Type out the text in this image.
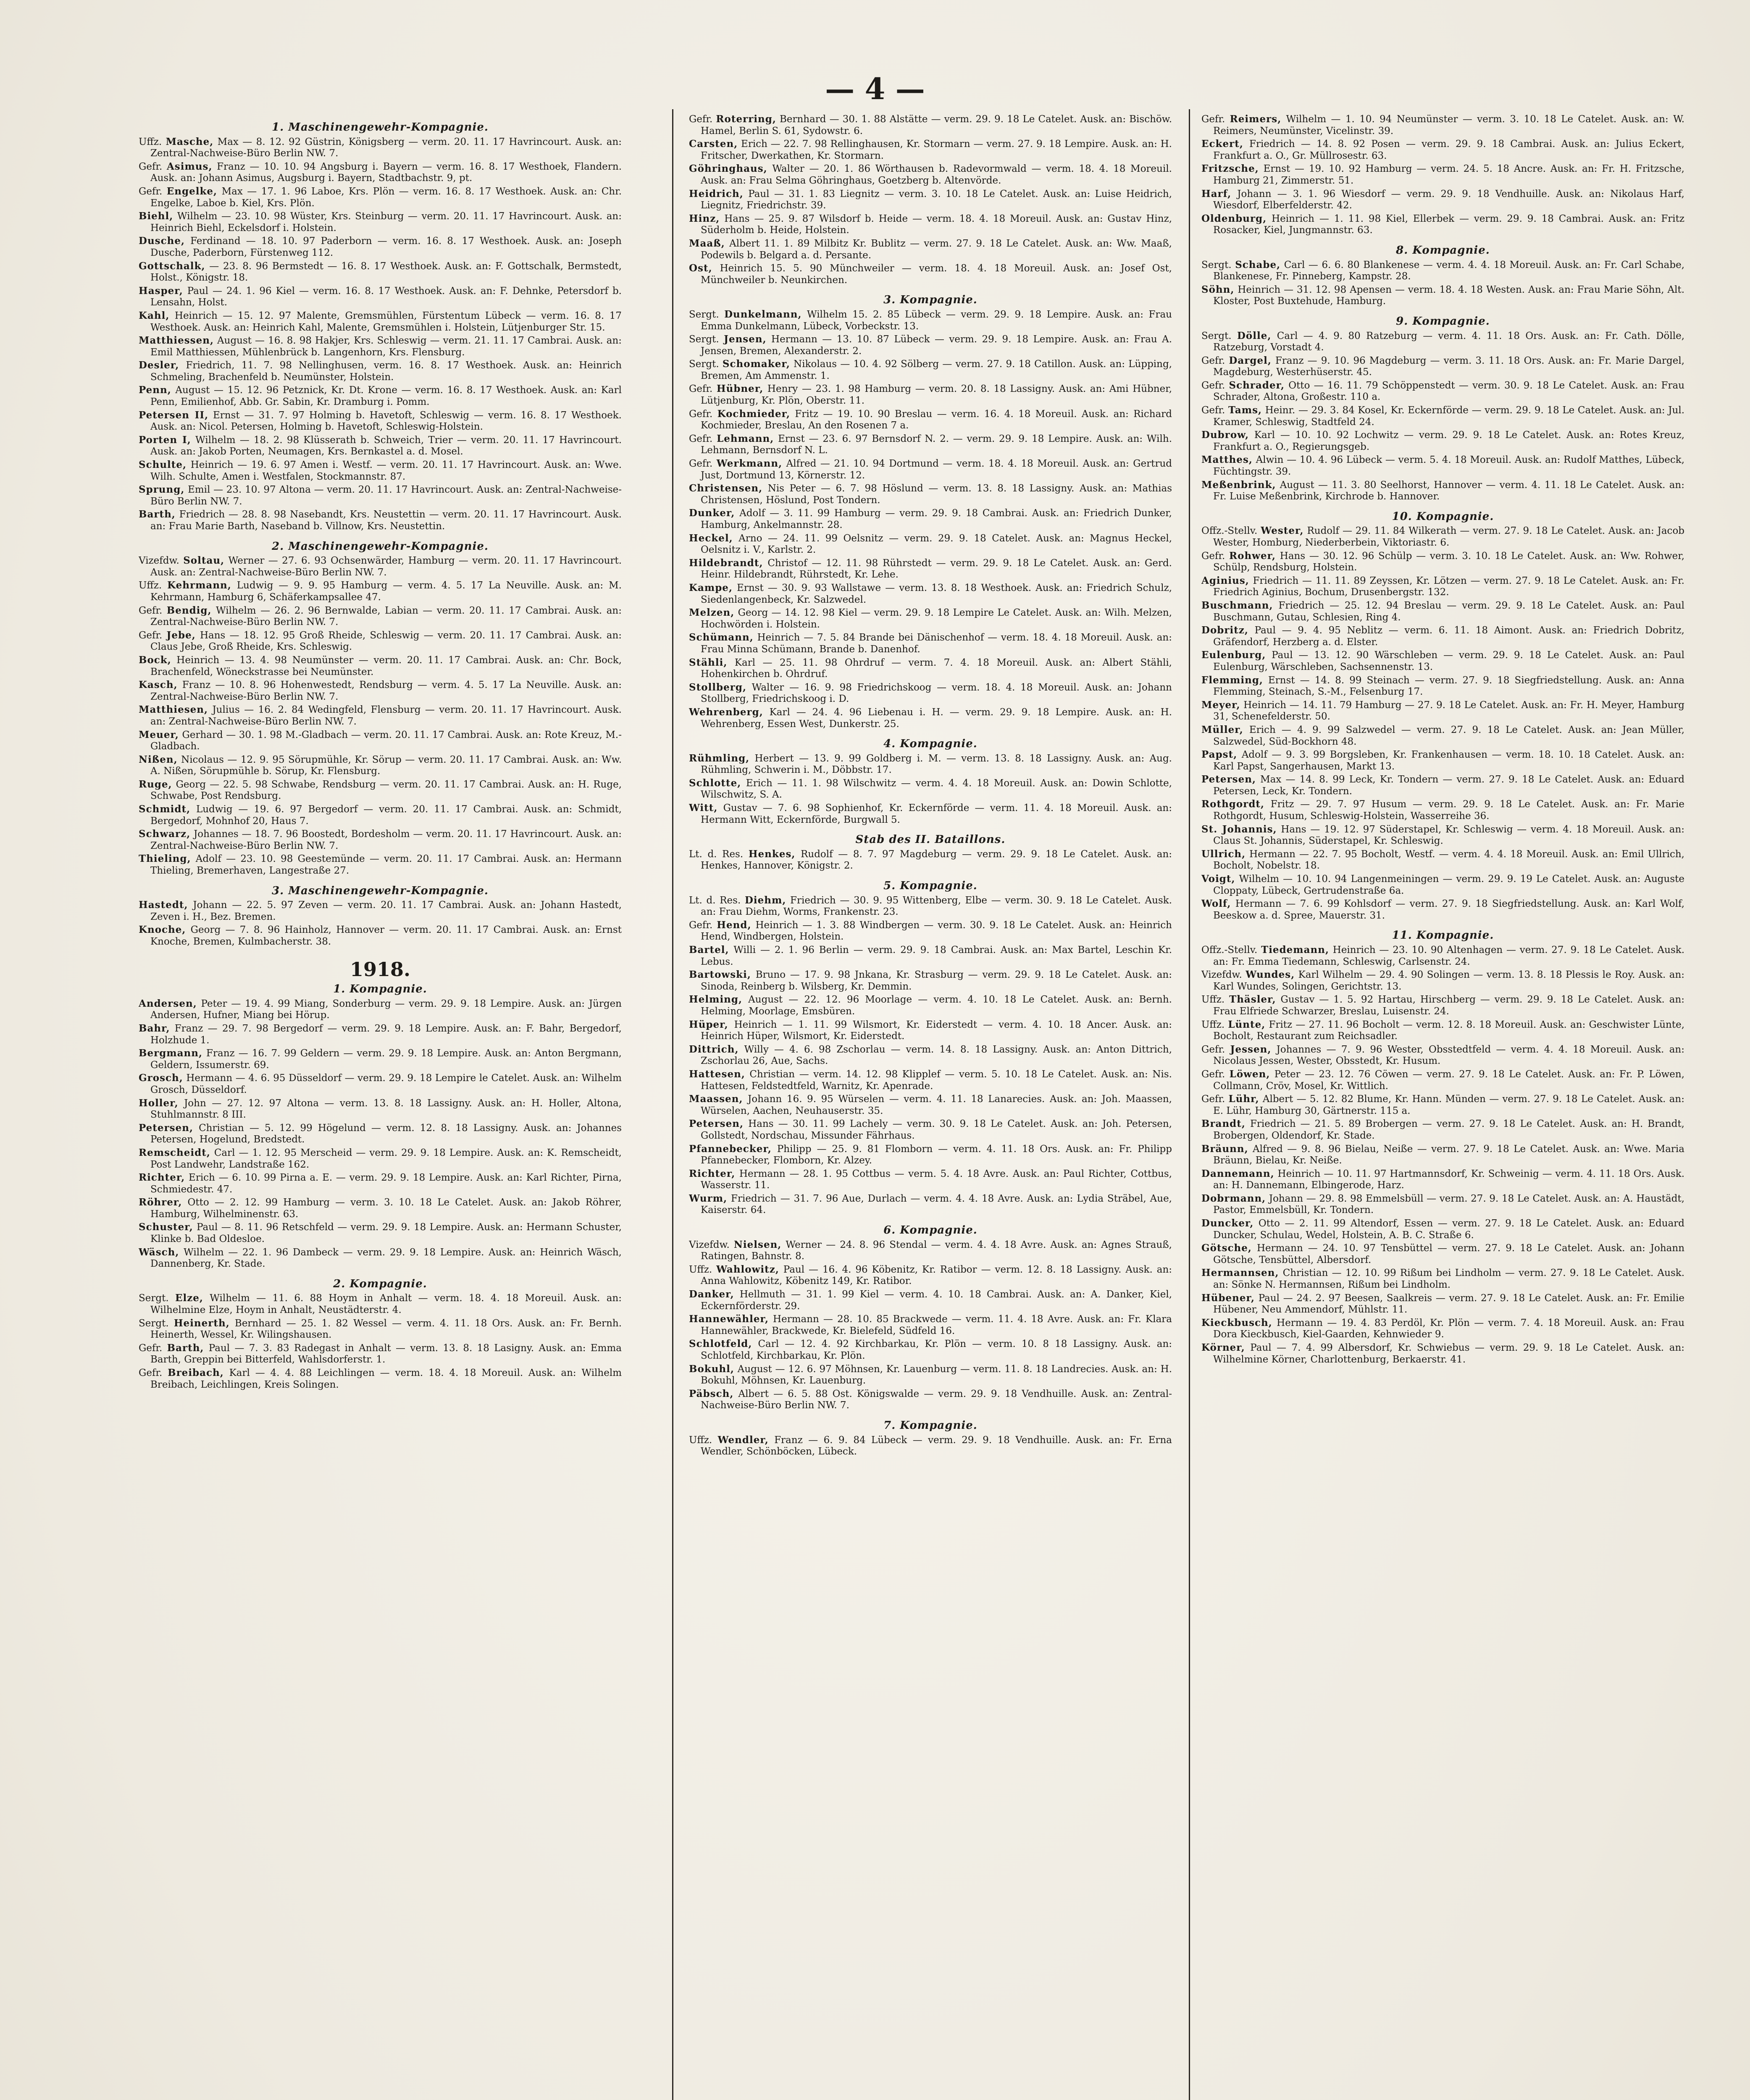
— 4 —
1. Maschinengewehr-Kompagnie.

Uffz. Masche, Max — 8. 12. 92 Güstrin, Königsberg — verm. 20. 11. 17 Havrincourt. Ausk. an: Zentral-Nachweise-Büro Berlin NW. 7.

Gefr. Asimus, Franz — 10. 10. 94 Angsburg i. Bayern — verm. 16. 8. 17 Westhoek, Flandern. Ausk. an: Johann Asimus, Augsburg i. Bayern, Stadtbachstr. 9, pt.

Gefr. Engelke, Max — 17. 1. 96 Laboe, Krs. Plön — verm. 16. 8. 17 Westhoek. Ausk. an: Chr. Engelke, Laboe b. Kiel, Krs. Plön.

Biehl, Wilhelm — 23. 10. 98 Wüster, Krs. Steinburg — verm. 20. 11. 17 Havrincourt. Ausk. an: Heinrich Biehl, Eckelsdorf i. Holstein.

Dusche, Ferdinand — 18. 10. 97 Paderborn — verm. 16. 8. 17 Westhoek. Ausk. an: Joseph Dusche, Paderborn, Fürstenweg 112.

Gottschalk, — 23. 8. 96 Bermstedt — 16. 8. 17 Westhoek. Ausk. an: F. Gottschalk, Bermstedt, Holst., Königstr. 18.

Hasper, Paul — 24. 1. 96 Kiel — verm. 16. 8. 17 Westhoek. Ausk. an: F. Dehnke, Petersdorf b. Lensahn, Holst.

Kahl, Heinrich — 15. 12. 97 Malente, Gremsmühlen, Fürstentum Lübeck — verm. 16. 8. 17 Westhoek. Ausk. an: Heinrich Kahl, Malente, Gremsmühlen i. Holstein, Lütjenburger Str. 15.

Matthiessen, August — 16. 8. 98 Hakjer, Krs. Schleswig — verm. 21. 11. 17 Cambrai. Ausk. an: Emil Matthiessen, Mühlenbrück b. Langenhorn, Krs. Flensburg.

Desler, Friedrich, 11. 7. 98 Nellinghusen, verm. 16. 8. 17 Westhoek. Ausk. an: Heinrich Schmeling, Brachenfeld b. Neumünster, Holstein.

Penn, August — 15. 12. 96 Petznick, Kr. Dt. Krone — verm. 16. 8. 17 Westhoek. Ausk. an: Karl Penn, Emilienhof, Abb. Gr. Sabin, Kr. Dramburg i. Pomm.

Petersen II, Ernst — 31. 7. 97 Holming b. Havetoft, Schleswig — verm. 16. 8. 17 Westhoek. Ausk. an: Nicol. Petersen, Holming b. Havetoft, Schleswig-Holstein.

Porten I, Wilhelm — 18. 2. 98 Klüsserath b. Schweich, Trier — verm. 20. 11. 17 Havrincourt. Ausk. an: Jakob Porten, Neumagen, Krs. Bernkastel a. d. Mosel.

Schulte, Heinrich — 19. 6. 97 Amen i. Westf. — verm. 20. 11. 17 Havrincourt. Ausk. an: Wwe. Wilh. Schulte, Amen i. Westfalen, Stockmannstr. 87.

Sprung, Emil — 23. 10. 97 Altona — verm. 20. 11. 17 Havrincourt. Ausk. an: Zentral-Nachweise-Büro Berlin NW. 7.

Barth, Friedrich — 28. 8. 98 Nasebandt, Krs. Neustettin — verm. 20. 11. 17 Havrincourt. Ausk. an: Frau Marie Barth, Naseband b. Villnow, Krs. Neustettin.

2. Maschinengewehr-Kompagnie.

Vizefdw. Soltau, Werner — 27. 6. 93 Ochsenwärder, Hamburg — verm. 20. 11. 17 Havrincourt. Ausk. an: Zentral-Nachweise-Büro Berlin NW. 7.

Uffz. Kehrmann, Ludwig — 9. 9. 95 Hamburg — verm. 4. 5. 17 La Neuville. Ausk. an: M. Kehrmann, Hamburg 6, Schäferkampsallee 47.

Gefr. Bendig, Wilhelm — 26. 2. 96 Bernwalde, Labian — verm. 20. 11. 17 Cambrai. Ausk. an: Zentral-Nachweise-Büro Berlin NW. 7.

Gefr. Jebe, Hans — 18. 12. 95 Groß Rheide, Schleswig — verm. 20. 11. 17 Cambrai. Ausk. an: Claus Jebe, Groß Rheide, Krs. Schleswig.

Bock, Heinrich — 13. 4. 98 Neumünster — verm. 20. 11. 17 Cambrai. Ausk. an: Chr. Bock, Brachenfeld, Wöneckstrasse bei Neumünster.

Kasch, Franz — 10. 8. 96 Hohenwestedt, Rendsburg — verm. 4. 5. 17 La Neuville. Ausk. an: Zentral-Nachweise-Büro Berlin NW. 7.

Matthiesen, Julius — 16. 2. 84 Wedingfeld, Flensburg — verm. 20. 11. 17 Havrincourt. Ausk. an: Zentral-Nachweise-Büro Berlin NW. 7.

Meuer, Gerhard — 30. 1. 98 M.-Gladbach — verm. 20. 11. 17 Cambrai. Ausk. an: Rote Kreuz, M.-Gladbach.

Nißen, Nicolaus — 12. 9. 95 Sörupmühle, Kr. Sörup — verm. 20. 11. 17 Cambrai. Ausk. an: Ww. A. Nißen, Sörupmühle b. Sörup, Kr. Flensburg.

Ruge, Georg — 22. 5. 98 Schwabe, Rendsburg — verm. 20. 11. 17 Cambrai. Ausk. an: H. Ruge, Schwabe, Post Rendsburg.

Schmidt, Ludwig — 19. 6. 97 Bergedorf — verm. 20. 11. 17 Cambrai. Ausk. an: Schmidt, Bergedorf, Mohnhof 20, Haus 7.

Schwarz, Johannes — 18. 7. 96 Boostedt, Bordesholm — verm. 20. 11. 17 Havrincourt. Ausk. an: Zentral-Nachweise-Büro Berlin NW. 7.

Thieling, Adolf — 23. 10. 98 Geestemünde — verm. 20. 11. 17 Cambrai. Ausk. an: Hermann Thieling, Bremerhaven, Langestraße 27.

3. Maschinengewehr-Kompagnie.

Hastedt, Johann — 22. 5. 97 Zeven — verm. 20. 11. 17 Cambrai. Ausk. an: Johann Hastedt, Zeven i. H., Bez. Bremen.

Knoche, Georg — 7. 8. 96 Hainholz, Hannover — verm. 20. 11. 17 Cambrai. Ausk. an: Ernst Knoche, Bremen, Kulmbacherstr. 38.

1918.
1. Kompagnie.

Andersen, Peter — 19. 4. 99 Miang, Sonderburg — verm. 29. 9. 18 Lempire. Ausk. an: Jürgen Andersen, Hufner, Miang bei Hörup.

Bahr, Franz — 29. 7. 98 Bergedorf — verm. 29. 9. 18 Lempire. Ausk. an: F. Bahr, Bergedorf, Holzhude 1.

Bergmann, Franz — 16. 7. 99 Geldern — verm. 29. 9. 18 Lempire. Ausk. an: Anton Bergmann, Geldern, Issumerstr. 69.

Grosch, Hermann — 4. 6. 95 Düsseldorf — verm. 29. 9. 18 Lempire le Catelet. Ausk. an: Wilhelm Grosch, Düsseldorf.

Holler, John — 27. 12. 97 Altona — verm. 13. 8. 18 Lassigny. Ausk. an: H. Holler, Altona, Stuhlmannstr. 8 III.

Petersen, Christian — 5. 12. 99 Högelund — verm. 12. 8. 18 Lassigny. Ausk. an: Johannes Petersen, Hogelund, Bredstedt.

Remscheidt, Carl — 1. 12. 95 Merscheid — verm. 29. 9. 18 Lempire. Ausk. an: K. Remscheidt, Post Landwehr, Landstraße 162.

Richter, Erich — 6. 10. 99 Pirna a. E. — verm. 29. 9. 18 Lempire. Ausk. an: Karl Richter, Pirna, Schmiedestr. 47.

Röhrer, Otto — 2. 12. 99 Hamburg — verm. 3. 10. 18 Le Catelet. Ausk. an: Jakob Röhrer, Hamburg, Wilhelminenstr. 63.

Schuster, Paul — 8. 11. 96 Retschfeld — verm. 29. 9. 18 Lempire. Ausk. an: Hermann Schuster, Klinke b. Bad Oldesloe.

Wäsch, Wilhelm — 22. 1. 96 Dambeck — verm. 29. 9. 18 Lempire. Ausk. an: Heinrich Wäsch, Dannenberg, Kr. Stade.

2. Kompagnie.

Sergt. Elze, Wilhelm — 11. 6. 88 Hoym in Anhalt — verm. 18. 4. 18 Moreuil. Ausk. an: Wilhelmine Elze, Hoym in Anhalt, Neustädterstr. 4.

Sergt. Heinerth, Bernhard — 25. 1. 82 Wessel — verm. 4. 11. 18 Ors. Ausk. an: Fr. Bernh. Heinerth, Wessel, Kr. Wilingshausen.

Gefr. Barth, Paul — 7. 3. 83 Radegast in Anhalt — verm. 13. 8. 18 Lasigny. Ausk. an: Emma Barth, Greppin bei Bitterfeld, Wahlsdorferstr. 1.

Gefr. Breibach, Karl — 4. 4. 88 Leichlingen — verm. 18. 4. 18 Moreuil. Ausk. an: Wilhelm Breibach, Leichlingen, Kreis Solingen.

Gefr. Roterring, Bernhard — 30. 1. 88 Alstätte — verm. 29. 9. 18 Le Catelet. Ausk. an: Bischöw. Hamel, Berlin S. 61, Sydowstr. 6.

Carsten, Erich — 22. 7. 98 Rellinghausen, Kr. Stormarn — verm. 27. 9. 18 Lempire. Ausk. an: H. Fritscher, Dwerkathen, Kr. Stormarn.

Göhringhaus, Walter — 20. 1. 86 Wörthausen b. Radevormwald — verm. 18. 4. 18 Moreuil. Ausk. an: Frau Selma Göhringhaus, Goetzberg b. Altenvörde.

Heidrich, Paul — 31. 1. 83 Liegnitz — verm. 3. 10. 18 Le Catelet. Ausk. an: Luise Heidrich, Liegnitz, Friedrichstr. 39.

Hinz, Hans — 25. 9. 87 Wilsdorf b. Heide — verm. 18. 4. 18 Moreuil. Ausk. an: Gustav Hinz, Süderholm b. Heide, Holstein.

Maaß, Albert 11. 1. 89 Milbitz Kr. Bublitz — verm. 27. 9. 18 Le Catelet. Ausk. an: Ww. Maaß, Podewils b. Belgard a. d. Persante.

Ost, Heinrich 15. 5. 90 Münchweiler — verm. 18. 4. 18 Moreuil. Ausk. an: Josef Ost, Münchweiler b. Neunkirchen.

3. Kompagnie.

Sergt. Dunkelmann, Wilhelm 15. 2. 85 Lübeck — verm. 29. 9. 18 Lempire. Ausk. an: Frau Emma Dunkelmann, Lübeck, Vorbeckstr. 13.

Sergt. Jensen, Hermann — 13. 10. 87 Lübeck — verm. 29. 9. 18 Lempire. Ausk. an: Frau A. Jensen, Bremen, Alexanderstr. 2.

Sergt. Schomaker, Nikolaus — 10. 4. 92 Sölberg — verm. 27. 9. 18 Catillon. Ausk. an: Lüpping, Bremen, Am Ammenstr. 1.

Gefr. Hübner, Henry — 23. 1. 98 Hamburg — verm. 20. 8. 18 Lassigny. Ausk. an: Ami Hübner, Lütjenburg, Kr. Plön, Oberstr. 11.

Gefr. Kochmieder, Fritz — 19. 10. 90 Breslau — verm. 16. 4. 18 Moreuil. Ausk. an: Richard Kochmieder, Breslau, An den Rosenen 7 a.

Gefr. Lehmann, Ernst — 23. 6. 97 Bernsdorf N. 2. — verm. 29. 9. 18 Lempire. Ausk. an: Wilh. Lehmann, Bernsdorf N. L.

Gefr. Werkmann, Alfred — 21. 10. 94 Dortmund — verm. 18. 4. 18 Moreuil. Ausk. an: Gertrud Just, Dortmund 13, Körnerstr. 12.

Christensen, Nis Peter — 6. 7. 98 Höslund — verm. 13. 8. 18 Lassigny. Ausk. an: Mathias Christensen, Höslund, Post Tondern.

Dunker, Adolf — 3. 11. 99 Hamburg — verm. 29. 9. 18 Cambrai. Ausk. an: Friedrich Dunker, Hamburg, Ankelmannstr. 28.

Heckel, Arno — 24. 11. 99 Oelsnitz — verm. 29. 9. 18 Catelet. Ausk. an: Magnus Heckel, Oelsnitz i. V., Karlstr. 2.

Hildebrandt, Christof — 12. 11. 98 Rührstedt — verm. 29. 9. 18 Le Catelet. Ausk. an: Gerd. Heinr. Hildebrandt, Rührstedt, Kr. Lehe.

Kampe, Ernst — 30. 9. 93 Wallstawe — verm. 13. 8. 18 Westhoek. Ausk. an: Friedrich Schulz, Siedenlangenbeck, Kr. Salzwedel.

Melzen, Georg — 14. 12. 98 Kiel — verm. 29. 9. 18 Lempire Le Catelet. Ausk. an: Wilh. Melzen, Hochwörden i. Holstein.

Schümann, Heinrich — 7. 5. 84 Brande bei Dänischenhof — verm. 18. 4. 18 Moreuil. Ausk. an: Frau Minna Schümann, Brande b. Danenhof.

Stähli, Karl — 25. 11. 98 Ohrdruf — verm. 7. 4. 18 Moreuil. Ausk. an: Albert Stähli, Hohenkirchen b. Ohrdruf.

Stollberg, Walter — 16. 9. 98 Friedrichskoog — verm. 18. 4. 18 Moreuil. Ausk. an: Johann Stollberg, Friedrichskoog i. D.

Wehrenberg, Karl — 24. 4. 96 Liebenau i. H. — verm. 29. 9. 18 Lempire. Ausk. an: H. Wehrenberg, Essen West, Dunkerstr. 25.

4. Kompagnie.

Rühmling, Herbert — 13. 9. 99 Goldberg i. M. — verm. 13. 8. 18 Lassigny. Ausk. an: Aug. Rühmling, Schwerin i. M., Döbbstr. 17.

Schlotte, Erich — 11. 1. 98 Wilschwitz — verm. 4. 4. 18 Moreuil. Ausk. an: Dowin Schlotte, Wilschwitz, S. A.

Witt, Gustav — 7. 6. 98 Sophienhof, Kr. Eckernförde — verm. 11. 4. 18 Moreuil. Ausk. an: Hermann Witt, Eckernförde, Burgwall 5.

Stab des II. Bataillons.

Lt. d. Res. Henkes, Rudolf — 8. 7. 97 Magdeburg — verm. 29. 9. 18 Le Catelet. Ausk. an: Henkes, Hannover, Königstr. 2.

5. Kompagnie.

Lt. d. Res. Diehm, Friedrich — 30. 9. 95 Wittenberg, Elbe — verm. 30. 9. 18 Le Catelet. Ausk. an: Frau Diehm, Worms, Frankenstr. 23.

Gefr. Hend, Heinrich — 1. 3. 88 Windbergen — verm. 30. 9. 18 Le Catelet. Ausk. an: Heinrich Hend, Windbergen, Holstein.

Bartel, Willi — 2. 1. 96 Berlin — verm. 29. 9. 18 Cambrai. Ausk. an: Max Bartel, Leschin Kr. Lebus.

Bartowski, Bruno — 17. 9. 98 Jnkana, Kr. Strasburg — verm. 29. 9. 18 Le Catelet. Ausk. an: Sinoda, Reinberg b. Wilsberg, Kr. Demmin.

Helming, August — 22. 12. 96 Moorlage — verm. 4. 10. 18 Le Catelet. Ausk. an: Bernh. Helming, Moorlage, Emsbüren.

Hüper, Heinrich — 1. 11. 99 Wilsmort, Kr. Eiderstedt — verm. 4. 10. 18 Ancer. Ausk. an: Heinrich Hüper, Wilsmort, Kr. Eiderstedt.

Dittrich, Willy — 4. 6. 98 Zschorlau — verm. 14. 8. 18 Lassigny. Ausk. an: Anton Dittrich, Zschorlau 26, Aue, Sachs.

Hattesen, Christian — verm. 14. 12. 98 Klipplef — verm. 5. 10. 18 Le Catelet. Ausk. an: Nis. Hattesen, Feldstedtfeld, Warnitz, Kr. Apenrade.

Maassen, Johann 16. 9. 95 Würselen — verm. 4. 11. 18 Lanarecies. Ausk. an: Joh. Maassen, Würselen, Aachen, Neuhauserstr. 35.

Petersen, Hans — 30. 11. 99 Lachely — verm. 30. 9. 18 Le Catelet. Ausk. an: Joh. Petersen, Gollstedt, Nordschau, Missunder Fährhaus.

Pfannebecker, Philipp — 25. 9. 81 Flomborn — verm. 4. 11. 18 Ors. Ausk. an: Fr. Philipp Pfannebecker, Flomborn, Kr. Alzey.

Richter, Hermann — 28. 1. 95 Cottbus — verm. 5. 4. 18 Avre. Ausk. an: Paul Richter, Cottbus, Wasserstr. 11.

Wurm, Friedrich — 31. 7. 96 Aue, Durlach — verm. 4. 4. 18 Avre. Ausk. an: Lydia Sträbel, Aue, Kaiserstr. 64.

6. Kompagnie.

Vizefdw. Nielsen, Werner — 24. 8. 96 Stendal — verm. 4. 4. 18 Avre. Ausk. an: Agnes Strauß, Ratingen, Bahnstr. 8.

Uffz. Wahlowitz, Paul — 16. 4. 96 Köbenitz, Kr. Ratibor — verm. 12. 8. 18 Lassigny. Ausk. an: Anna Wahlowitz, Köbenitz 149, Kr. Ratibor.

Danker, Hellmuth — 31. 1. 99 Kiel — verm. 4. 10. 18 Cambrai. Ausk. an: A. Danker, Kiel, Eckernförderstr. 29.

Hannewähler, Hermann — 28. 10. 85 Brackwede — verm. 11. 4. 18 Avre. Ausk. an: Fr. Klara Hannewähler, Brackwede, Kr. Bielefeld, Südfeld 16.

Schlotfeld, Carl — 12. 4. 92 Kirchbarkau, Kr. Plön — verm. 10. 8 18 Lassigny. Ausk. an: Schlotfeld, Kirchbarkau, Kr. Plön.

Bokuhl, August — 12. 6. 97 Möhnsen, Kr. Lauenburg — verm. 11. 8. 18 Landrecies. Ausk. an: H. Bokuhl, Möhnsen, Kr. Lauenburg.

Päbsch, Albert — 6. 5. 88 Ost. Königswalde — verm. 29. 9. 18 Vendhuille. Ausk. an: Zentral-Nachweise-Büro Berlin NW. 7.

7. Kompagnie.

Uffz. Wendler, Franz — 6. 9. 84 Lübeck — verm. 29. 9. 18 Vendhuille. Ausk. an: Fr. Erna Wendler, Schönböcken, Lübeck.

Gefr. Reimers, Wilhelm — 1. 10. 94 Neumünster — verm. 3. 10. 18 Le Catelet. Ausk. an: W. Reimers, Neumünster, Vicelinstr. 39.

Eckert, Friedrich — 14. 8. 92 Posen — verm. 29. 9. 18 Cambrai. Ausk. an: Julius Eckert, Frankfurt a. O., Gr. Müllrosestr. 63.

Fritzsche, Ernst — 19. 10. 92 Hamburg — verm. 24. 5. 18 Ancre. Ausk. an: Fr. H. Fritzsche, Hamburg 21, Zimmerstr. 51.

Harf, Johann — 3. 1. 96 Wiesdorf — verm. 29. 9. 18 Vendhuille. Ausk. an: Nikolaus Harf, Wiesdorf, Elberfelderstr. 42.

Oldenburg, Heinrich — 1. 11. 98 Kiel, Ellerbek — verm. 29. 9. 18 Cambrai. Ausk. an: Fritz Rosacker, Kiel, Jungmannstr. 63.

8. Kompagnie.

Sergt. Schabe, Carl — 6. 6. 80 Blankenese — verm. 4. 4. 18 Moreuil. Ausk. an: Fr. Carl Schabe, Blankenese, Fr. Pinneberg, Kampstr. 28.

Söhn, Heinrich — 31. 12. 98 Apensen — verm. 18. 4. 18 Westen. Ausk. an: Frau Marie Söhn, Alt. Kloster, Post Buxtehude, Hamburg.

9. Kompagnie.

Sergt. Dölle, Carl — 4. 9. 80 Ratzeburg — verm. 4. 11. 18 Ors. Ausk. an: Fr. Cath. Dölle, Ratzeburg, Vorstadt 4.

Gefr. Dargel, Franz — 9. 10. 96 Magdeburg — verm. 3. 11. 18 Ors. Ausk. an: Fr. Marie Dargel, Magdeburg, Westerhüserstr. 45.

Gefr. Schrader, Otto — 16. 11. 79 Schöppenstedt — verm. 30. 9. 18 Le Catelet. Ausk. an: Frau Schrader, Altona, Großestr. 110 a.

Gefr. Tams, Heinr. — 29. 3. 84 Kosel, Kr. Eckernförde — verm. 29. 9. 18 Le Catelet. Ausk. an: Jul. Kramer, Schleswig, Stadtfeld 24.

Dubrow, Karl — 10. 10. 92 Lochwitz — verm. 29. 9. 18 Le Catelet. Ausk. an: Rotes Kreuz, Frankfurt a. O., Regierungsgeb.

Matthes, Alwin — 10. 4. 96 Lübeck — verm. 5. 4. 18 Moreuil. Ausk. an: Rudolf Matthes, Lübeck, Füchtingstr. 39.

Meßenbrink, August — 11. 3. 80 Seelhorst, Hannover — verm. 4. 11. 18 Le Catelet. Ausk. an: Fr. Luise Meßenbrink, Kirchrode b. Hannover.

10. Kompagnie.

Offz.-Stellv. Wester, Rudolf — 29. 11. 84 Wilkerath — verm. 27. 9. 18 Le Catelet. Ausk. an: Jacob Wester, Homburg, Niederberbein, Viktoriastr. 6.

Gefr. Rohwer, Hans — 30. 12. 96 Schülp — verm. 3. 10. 18 Le Catelet. Ausk. an: Ww. Rohwer, Schülp, Rendsburg, Holstein.

Aginius, Friedrich — 11. 11. 89 Zeyssen, Kr. Lötzen — verm. 27. 9. 18 Le Catelet. Ausk. an: Fr. Friedrich Aginius, Bochum, Drusenbergstr. 132.

Buschmann, Friedrich — 25. 12. 94 Breslau — verm. 29. 9. 18 Le Catelet. Ausk. an: Paul Buschmann, Gutau, Schlesien, Ring 4.

Dobritz, Paul — 9. 4. 95 Neblitz — verm. 6. 11. 18 Aimont. Ausk. an: Friedrich Dobritz, Gräfendorf, Herzberg a. d. Elster.

Eulenburg, Paul — 13. 12. 90 Wärschleben — verm. 29. 9. 18 Le Catelet. Ausk. an: Paul Eulenburg, Wärschleben, Sachsennenstr. 13.

Flemming, Ernst — 14. 8. 99 Steinach — verm. 27. 9. 18 Siegfriedstellung. Ausk. an: Anna Flemming, Steinach, S.-M., Felsenburg 17.

Meyer, Heinrich — 14. 11. 79 Hamburg — 27. 9. 18 Le Catelet. Ausk. an: Fr. H. Meyer, Hamburg 31, Schenefelderstr. 50.

Müller, Erich — 4. 9. 99 Salzwedel — verm. 27. 9. 18 Le Catelet. Ausk. an: Jean Müller, Salzwedel, Süd-Bockhorn 48.

Papst, Adolf — 9. 3. 99 Borgsleben, Kr. Frankenhausen — verm. 18. 10. 18 Catelet. Ausk. an: Karl Papst, Sangerhausen, Markt 13.

Petersen, Max — 14. 8. 99 Leck, Kr. Tondern — verm. 27. 9. 18 Le Catelet. Ausk. an: Eduard Petersen, Leck, Kr. Tondern.

Rothgordt, Fritz — 29. 7. 97 Husum — verm. 29. 9. 18 Le Catelet. Ausk. an: Fr. Marie Rothgordt, Husum, Schleswig-Holstein, Wasserreihe 36.

St. Johannis, Hans — 19. 12. 97 Süderstapel, Kr. Schleswig — verm. 4. 18 Moreuil. Ausk. an: Claus St. Johannis, Süderstapel, Kr. Schleswig.

Ullrich, Hermann — 22. 7. 95 Bocholt, Westf. — verm. 4. 4. 18 Moreuil. Ausk. an: Emil Ullrich, Bocholt, Nobelstr. 18.

Voigt, Wilhelm — 10. 10. 94 Langenmeiningen — verm. 29. 9. 19 Le Catelet. Ausk. an: Auguste Cloppaty, Lübeck, Gertrudenstraße 6a.

Wolf, Hermann — 7. 6. 99 Kohlsdorf — verm. 27. 9. 18 Siegfriedstellung. Ausk. an: Karl Wolf, Beeskow a. d. Spree, Mauerstr. 31.

11. Kompagnie.

Offz.-Stellv. Tiedemann, Heinrich — 23. 10. 90 Altenhagen — verm. 27. 9. 18 Le Catelet. Ausk. an: Fr. Emma Tiedemann, Schleswig, Carlsenstr. 24.

Vizefdw. Wundes, Karl Wilhelm — 29. 4. 90 Solingen — verm. 13. 8. 18 Plessis le Roy. Ausk. an: Karl Wundes, Solingen, Gerichtstr. 13.

Uffz. Thäsler, Gustav — 1. 5. 92 Hartau, Hirschberg — verm. 29. 9. 18 Le Catelet. Ausk. an: Frau Elfriede Schwarzer, Breslau, Luisenstr. 24.

Uffz. Lünte, Fritz — 27. 11. 96 Bocholt — verm. 12. 8. 18 Moreuil. Ausk. an: Geschwister Lünte, Bocholt, Restaurant zum Reichsadler.

Gefr. Jessen, Johannes — 7. 9. 96 Wester, Obsstedtfeld — verm. 4. 4. 18 Moreuil. Ausk. an: Nicolaus Jessen, Wester, Obsstedt, Kr. Husum.

Gefr. Löwen, Peter — 23. 12. 76 Cöwen — verm. 27. 9. 18 Le Catelet. Ausk. an: Fr. P. Löwen, Collmann, Cröv, Mosel, Kr. Wittlich.

Gefr. Lühr, Albert — 5. 12. 82 Blume, Kr. Hann. Münden — verm. 27. 9. 18 Le Catelet. Ausk. an: E. Lühr, Hamburg 30, Gärtnerstr. 115 a.

Brandt, Friedrich — 21. 5. 89 Brobergen — verm. 27. 9. 18 Le Catelet. Ausk. an: H. Brandt, Brobergen, Oldendorf, Kr. Stade.

Bräunn, Alfred — 9. 8. 96 Bielau, Neiße — verm. 27. 9. 18 Le Catelet. Ausk. an: Wwe. Maria Bräunn, Bielau, Kr. Neiße.

Dannemann, Heinrich — 10. 11. 97 Hartmannsdorf, Kr. Schweinig — verm. 4. 11. 18 Ors. Ausk. an: H. Dannemann, Elbingerode, Harz.

Dobrmann, Johann — 29. 8. 98 Emmelsbüll — verm. 27. 9. 18 Le Catelet. Ausk. an: A. Haustädt, Pastor, Emmelsbüll, Kr. Tondern.

Duncker, Otto — 2. 11. 99 Altendorf, Essen — verm. 27. 9. 18 Le Catelet. Ausk. an: Eduard Duncker, Schulau, Wedel, Holstein, A. B. C. Straße 6.

Götsche, Hermann — 24. 10. 97 Tensbüttel — verm. 27. 9. 18 Le Catelet. Ausk. an: Johann Götsche, Tensbüttel, Albersdorf.

Hermannsen, Christian — 12. 10. 99 Rißum bei Lindholm — verm. 27. 9. 18 Le Catelet. Ausk. an: Sönke N. Hermannsen, Rißum bei Lindholm.

Hübener, Paul — 24. 2. 97 Beesen, Saalkreis — verm. 27. 9. 18 Le Catelet. Ausk. an: Fr. Emilie Hübener, Neu Ammendorf, Mühlstr. 11.

Kieckbusch, Hermann — 19. 4. 83 Perdöl, Kr. Plön — verm. 7. 4. 18 Moreuil. Ausk. an: Frau Dora Kieckbusch, Kiel-Gaarden, Kehnwieder 9.

Körner, Paul — 7. 4. 99 Albersdorf, Kr. Schwiebus — verm. 29. 9. 18 Le Catelet. Ausk. an: Wilhelmine Körner, Charlottenburg, Berkaerstr. 41.
